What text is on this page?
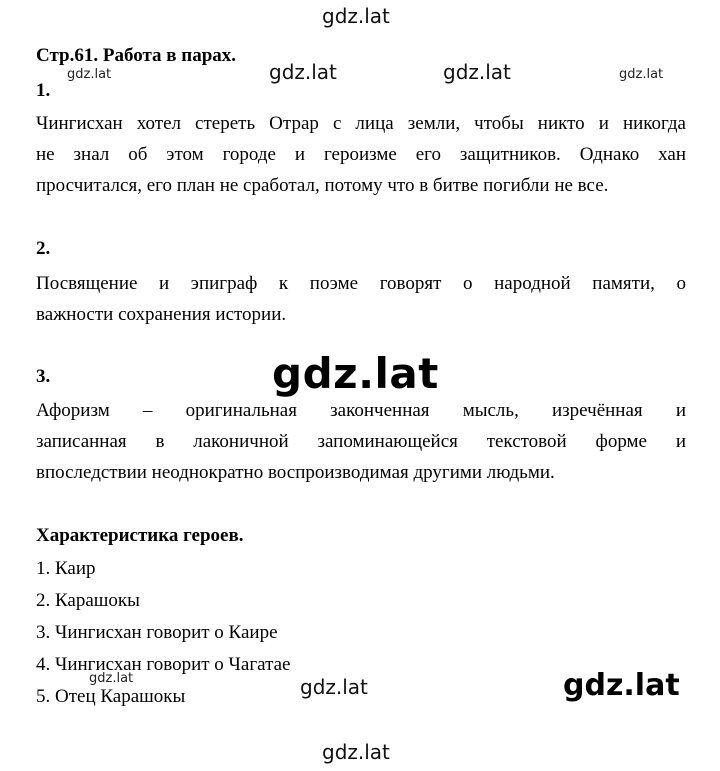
gdz.lat
gdz.lat	gdz.lat	gdz.lat	gdz.lat
gdz.lat
Стр.61. Работа в парах.
1.
Чингисхан хотел стереть Отрар с лица земли, чтобы никто и никогда
не знал об этом городе и героизме его защитников. Однако хан
просчитался, его план не сработал, потому что в битве погибли не все.
2.
Посвящение и эпиграф к поэме говорят о народной памяти, о
важности сохранения истории.
3.
Афоризм – оригинальная законченная мысль, изречённая и
записанная в лаконичной запоминающейся текстовой форме и
впоследствии неоднократно воспроизводимая другими людьми.
Характеристика героев.
1. Каир
2. Карашокы
3. Чингисхан говорит о Каире
4. Чингисхан говорит о Чагатае
5. Отец Карашокы
gdz.lat	gdz.lat	gdz.lat
gdz.lat
